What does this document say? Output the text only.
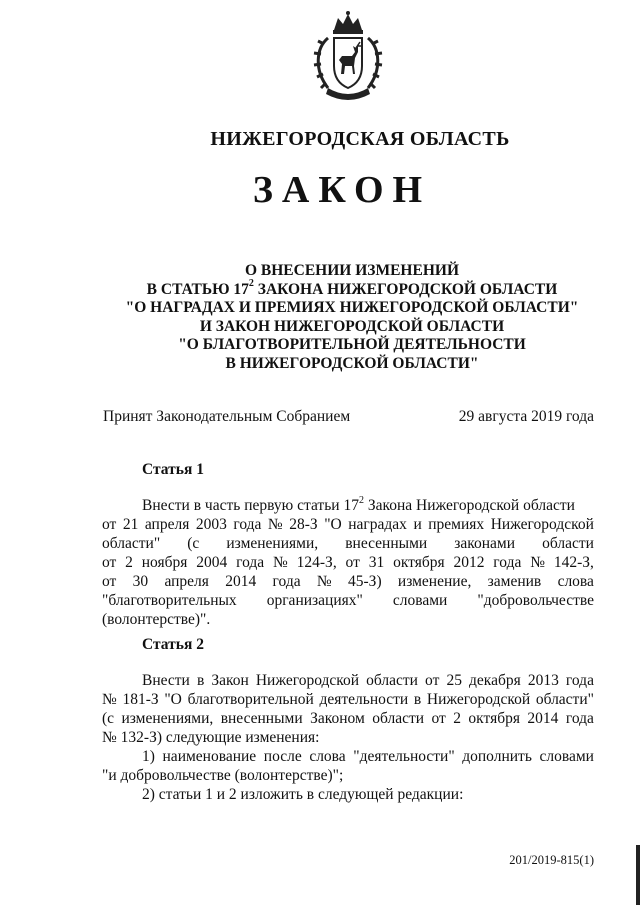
НИЖЕГОРОДСКАЯ ОБЛАСТЬ
ЗАКОН
О ВНЕСЕНИИ ИЗМЕНЕНИЙ
В СТАТЬЮ $17^2$ ЗАКОНА НИЖЕГОРОДСКОЙ ОБЛАСТИ
"О НАГРАДАХ И ПРЕМИЯХ НИЖЕГОРОДСКОЙ ОБЛАСТИ"
И ЗАКОН НИЖЕГОРОДСКОЙ ОБЛАСТИ
"О БЛАГОТВОРИТЕЛЬНОЙ ДЕЯТЕЛЬНОСТИ
В НИЖЕГОРОДСКОЙ ОБЛАСТИ"
Принят Законодательным Собранием	29 августа 2019 года
Статья 1
Внести в часть первую статьи $17^2$ Закона Нижегородской области
от 21 апреля 2003 года № 28-З "О наградах и премиях Нижегородской
области" (с изменениями, внесенными законами области
от 2 ноября 2004 года № 124-З, от 31 октября 2012 года № 142-З,
от 30 апреля 2014 года № 45-З) изменение, заменив слова
"благотворительных организациях" словами "добровольчестве
(волонтерстве)".
Статья 2
Внести в Закон Нижегородской области от 25 декабря 2013 года
№ 181-З "О благотворительной деятельности в Нижегородской области"
(с изменениями, внесенными Законом области от 2 октября 2014 года
№ 132-З) следующие изменения:
1) наименование после слова "деятельности" дополнить словами
"и добровольчестве (волонтерстве)";
2) статьи 1 и 2 изложить в следующей редакции:
201/2019-815(1)
